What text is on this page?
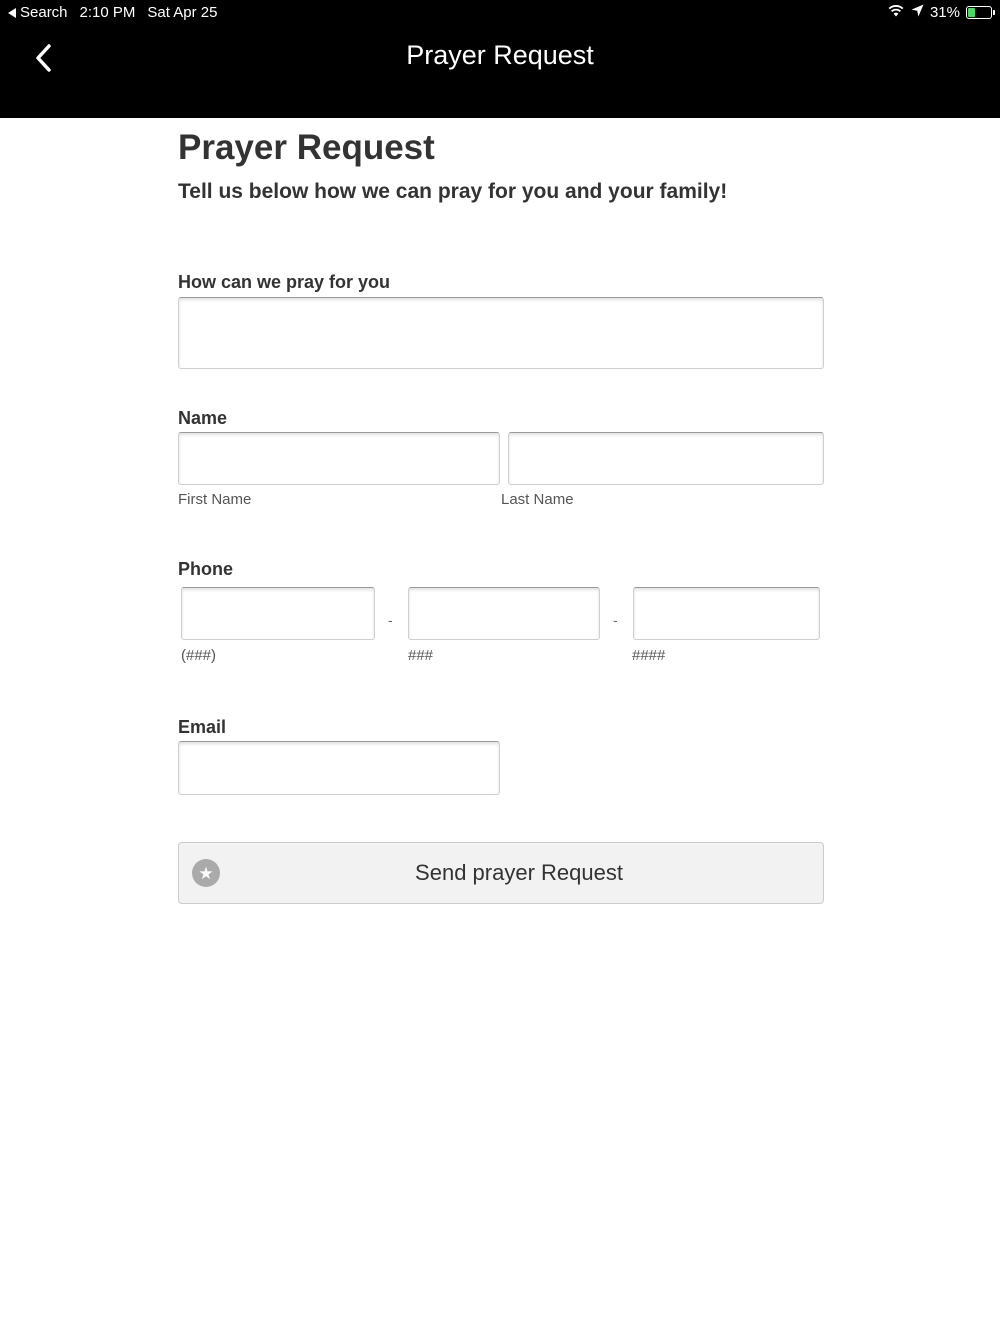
Search 2:10 PM Sat Apr 25	31%
Prayer Request
Prayer Request
Tell us below how we can pray for you and your family!
How can we pray for you
Name
First Name	Last Name
Phone
-	-
(###)	###	####
Email
★	Send prayer Request
